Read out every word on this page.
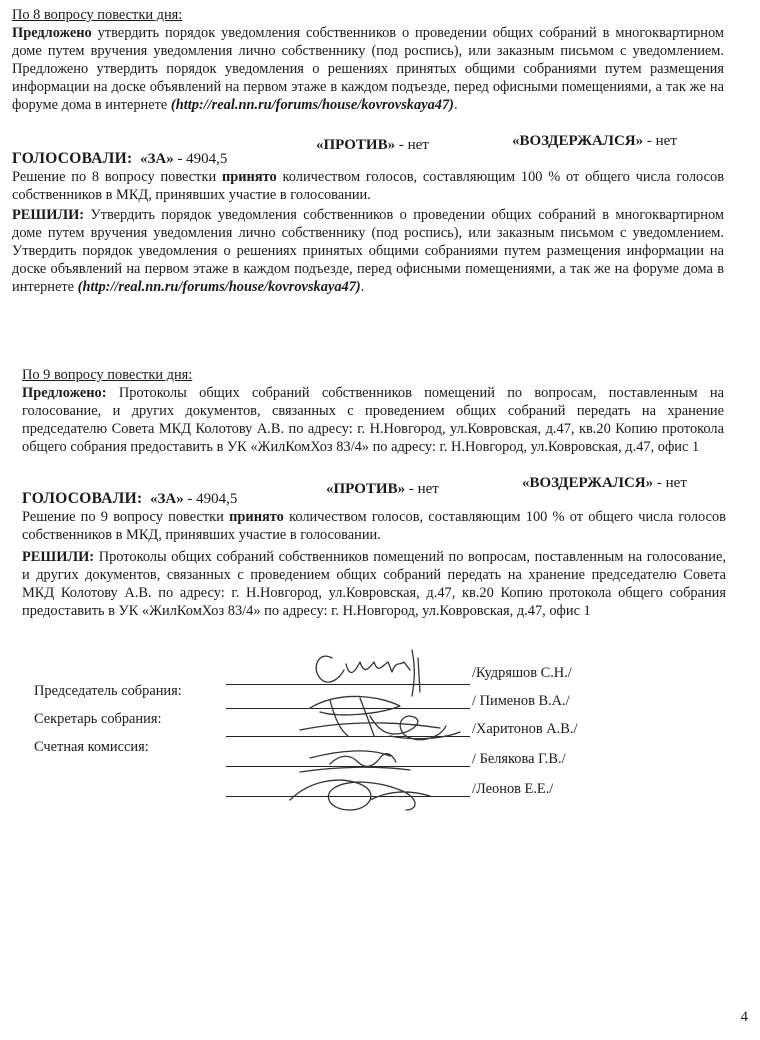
По 8 вопросу повестки дня:
Предложено утвердить порядок уведомления собственников о проведении общих собраний в многоквартирном доме путем вручения уведомления лично собственнику (под роспись), или заказным письмом с уведомлением. Предложено утвердить порядок уведомления о решениях принятых общими собраниями путем размещения информации на доске объявлений на первом этаже в каждом подъезде, перед офисными помещениями, а так же на форуме дома в интернете (http://real.nn.ru/forums/house/kovrovskaya47).
ГОЛОСОВАЛИ: «ЗА» - 4904,5
«ПРОТИВ» - нет	«ВОЗДЕРЖАЛСЯ» - нет
Решение по 8 вопросу повестки принято количеством голосов, составляющим 100 % от общего числа голосов собственников в МКД, принявших участие в голосовании.
РЕШИЛИ: Утвердить порядок уведомления собственников о проведении общих собраний в многоквартирном доме путем вручения уведомления лично собственнику (под роспись), или заказным письмом с уведомлением. Утвердить порядок уведомления о решениях принятых общими собраниями путем размещения информации на доске объявлений на первом этаже в каждом подъезде, перед офисными помещениями, а так же на форуме дома в интернете (http://real.nn.ru/forums/house/kovrovskaya47).
По 9 вопросу повестки дня:
Предложено: Протоколы общих собраний собственников помещений по вопросам, поставленным на голосование, и других документов, связанных с проведением общих собраний передать на хранение председателю Совета МКД Колотову А.В. по адресу: г. Н.Новгород, ул.Ковровская, д.47, кв.20 Копию протокола общего собрания предоставить в УК «ЖилКомХоз 83/4» по адресу: г. Н.Новгород, ул.Ковровская, д.47, офис 1
ГОЛОСОВАЛИ: «ЗА» - 4904,5
«ПРОТИВ» - нет	«ВОЗДЕРЖАЛСЯ» - нет
Решение по 9 вопросу повестки принято количеством голосов, составляющим 100 % от общего числа голосов собственников в МКД, принявших участие в голосовании.
РЕШИЛИ: Протоколы общих собраний собственников помещений по вопросам, поставленным на голосование, и других документов, связанных с проведением общих собраний передать на хранение председателю Совета МКД Колотову А.В. по адресу: г. Н.Новгород, ул.Ковровская, д.47, кв.20 Копию протокола общего собрания предоставить в УК «ЖилКомХоз 83/4» по адресу: г. Н.Новгород, ул.Ковровская, д.47, офис 1
Председатель собрания:
/Кудряшов С.Н./
Секретарь собрания:
/ Пименов В.А./
Счетная комиссия:
/Харитонов А.В./
/ Белякова Г.В./
/Леонов Е.Е./
4
